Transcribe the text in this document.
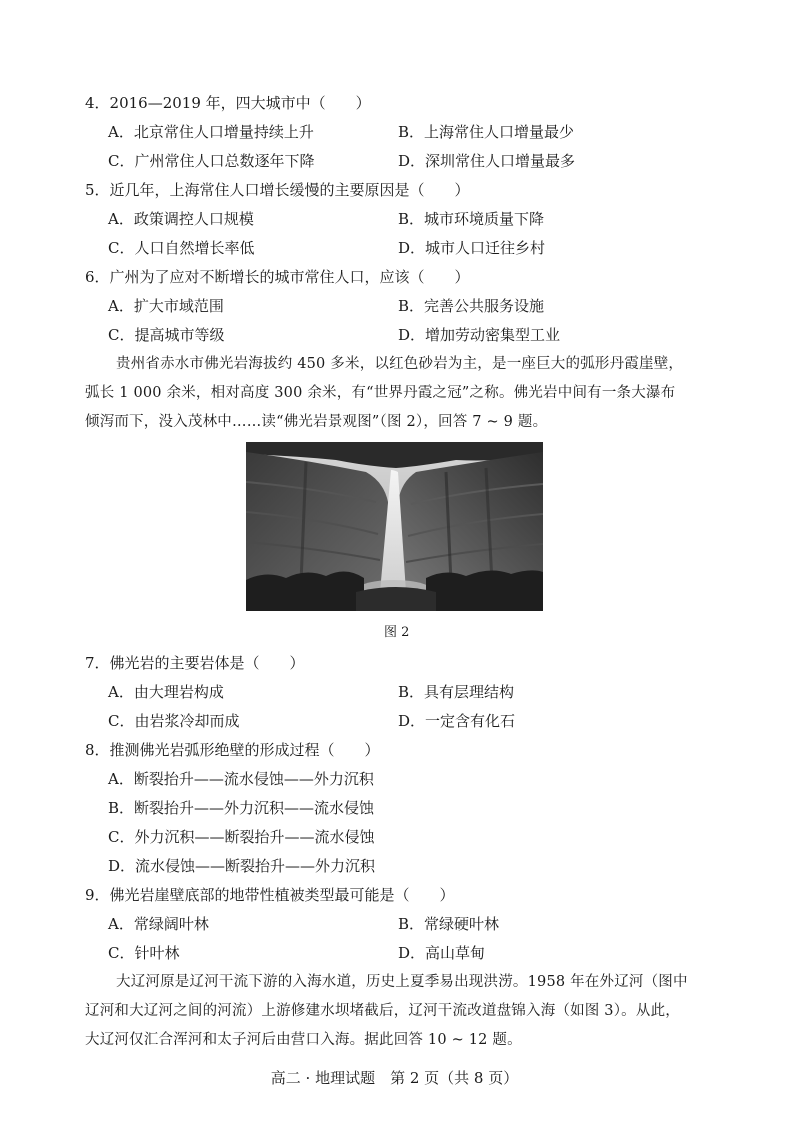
4．2016—2019 年，四大城市中（　　）
A．北京常住人口增量持续上升	B．上海常住人口增量最少
C．广州常住人口总数逐年下降	D．深圳常住人口增量最多
5．近几年，上海常住人口增长缓慢的主要原因是（　　）
A．政策调控人口规模	B．城市环境质量下降
C．人口自然增长率低	D．城市人口迁往乡村
6．广州为了应对不断增长的城市常住人口，应该（　　）
A．扩大市域范围	B．完善公共服务设施
C．提高城市等级	D．增加劳动密集型工业
贵州省赤水市佛光岩海拔约 450 多米，以红色砂岩为主，是一座巨大的弧形丹霞崖壁，
弧长 1 000 余米，相对高度 300 余米，有“世界丹霞之冠”之称。佛光岩中间有一条大瀑布
倾泻而下，没入茂林中……读“佛光岩景观图”（图 2），回答 7 ~ 9 题。
图 2
7．佛光岩的主要岩体是（　　）
A．由大理岩构成	B．具有层理结构
C．由岩浆冷却而成	D．一定含有化石
8．推测佛光岩弧形绝壁的形成过程（　　）
A．断裂抬升——流水侵蚀——外力沉积
B．断裂抬升——外力沉积——流水侵蚀
C．外力沉积——断裂抬升——流水侵蚀
D．流水侵蚀——断裂抬升——外力沉积
9．佛光岩崖壁底部的地带性植被类型最可能是（　　）
A．常绿阔叶林	B．常绿硬叶林
C．针叶林	D．高山草甸
大辽河原是辽河干流下游的入海水道，历史上夏季易出现洪涝。1958 年在外辽河（图中
辽河和大辽河之间的河流）上游修建水坝堵截后，辽河干流改道盘锦入海（如图 3）。从此，
大辽河仅汇合浑河和太子河后由营口入海。据此回答 10 ~ 12 题。
高二 · 地理试题　第 2 页（共 8 页）
